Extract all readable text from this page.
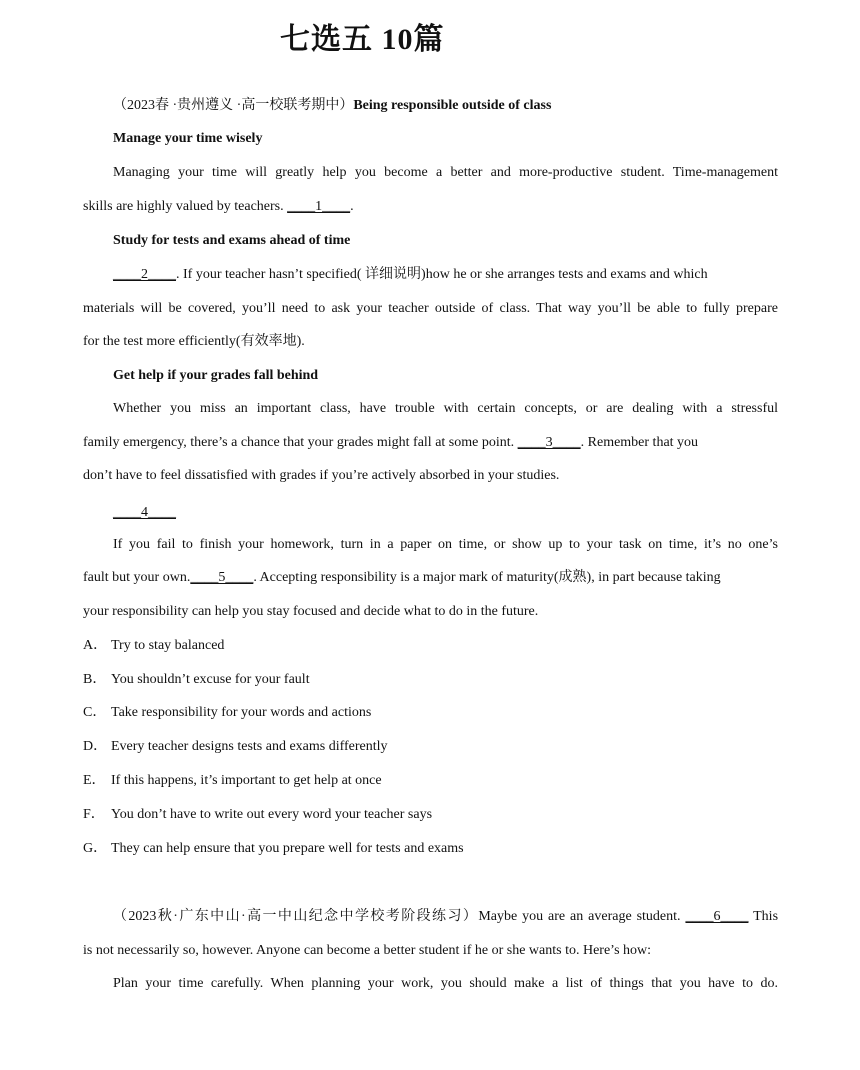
七选五 10篇
（2023春 ·贵州遵义 ·高一校联考期中）Being responsible outside of class
Manage your time wisely
Managing your time will greatly help you become a better and more-productive student. Time-management
skills are highly valued by teachers. ____1____.
Study for tests and exams ahead of time
____2____. If your teacher hasn’t specified( 详细说明)how he or she arranges tests and exams and which
materials will be covered, you’ll need to ask your teacher outside of class. That way you’ll be able to fully prepare
for the test more efficiently(有效率地).
Get help if your grades fall behind
Whether you miss an important class, have trouble with certain concepts, or are dealing with a stressful
family emergency, there’s a chance that your grades might fall at some point. ____3____. Remember that you
don’t have to feel dissatisfied with grades if you’re actively absorbed in your studies.
____4____
If you fail to finish your homework, turn in a paper on time, or show up to your task on time, it’s no one’s
fault but your own.____5____. Accepting responsibility is a major mark of maturity(成熟), in part because taking
your responsibility can help you stay focused and decide what to do in the future.
A． Try to stay balanced
B． You shouldn’t excuse for your fault
C． Take responsibility for your words and actions
D． Every teacher designs tests and exams differently
E． If this happens, it’s important to get help at once
F． You don’t have to write out every word your teacher says
G． They can help ensure that you prepare well for tests and exams
（2023秋·广东中山·高一中山纪念中学校考阶段练习）Maybe you are an average student. ____6____ This
is not necessarily so, however. Anyone can become a better student if he or she wants to. Here’s how:
Plan your time carefully. When planning your work, you should make a list of things that you have to do.
